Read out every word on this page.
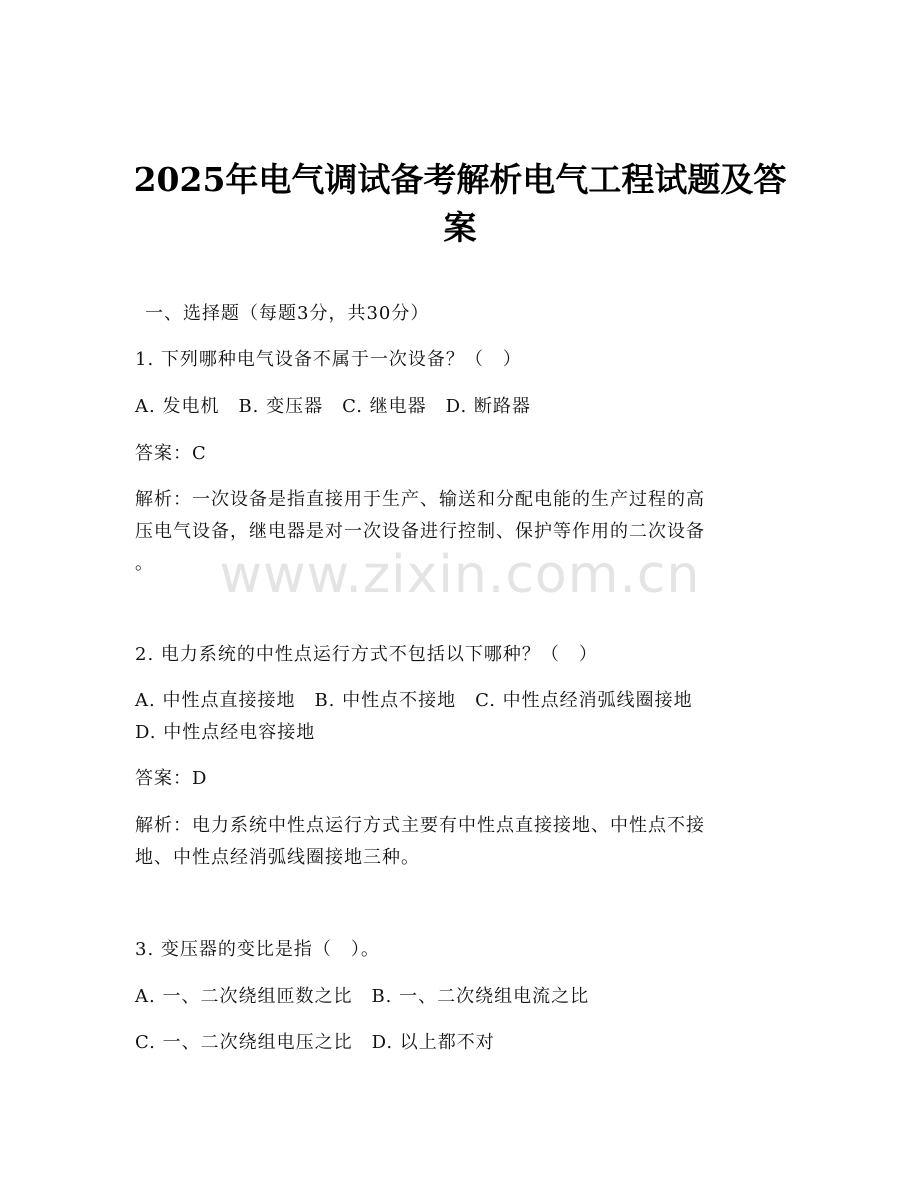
www.zixin.com.cn
2025年电气调试备考解析电气工程试题及答
案
一、选择题（每题3分，共30分）
1. 下列哪种电气设备不属于一次设备？（　）
A. 发电机　B. 变压器　C. 继电器　D. 断路器
答案：C
解析：一次设备是指直接用于生产、输送和分配电能的生产过程的高
压电气设备，继电器是对一次设备进行控制、保护等作用的二次设备
。
2. 电力系统的中性点运行方式不包括以下哪种？（　）
A. 中性点直接接地　B. 中性点不接地　C. 中性点经消弧线圈接地
D. 中性点经电容接地
答案：D
解析：电力系统中性点运行方式主要有中性点直接接地、中性点不接
地、中性点经消弧线圈接地三种。
3. 变压器的变比是指（　）。
A. 一、二次绕组匝数之比　B. 一、二次绕组电流之比
C. 一、二次绕组电压之比　D. 以上都不对
